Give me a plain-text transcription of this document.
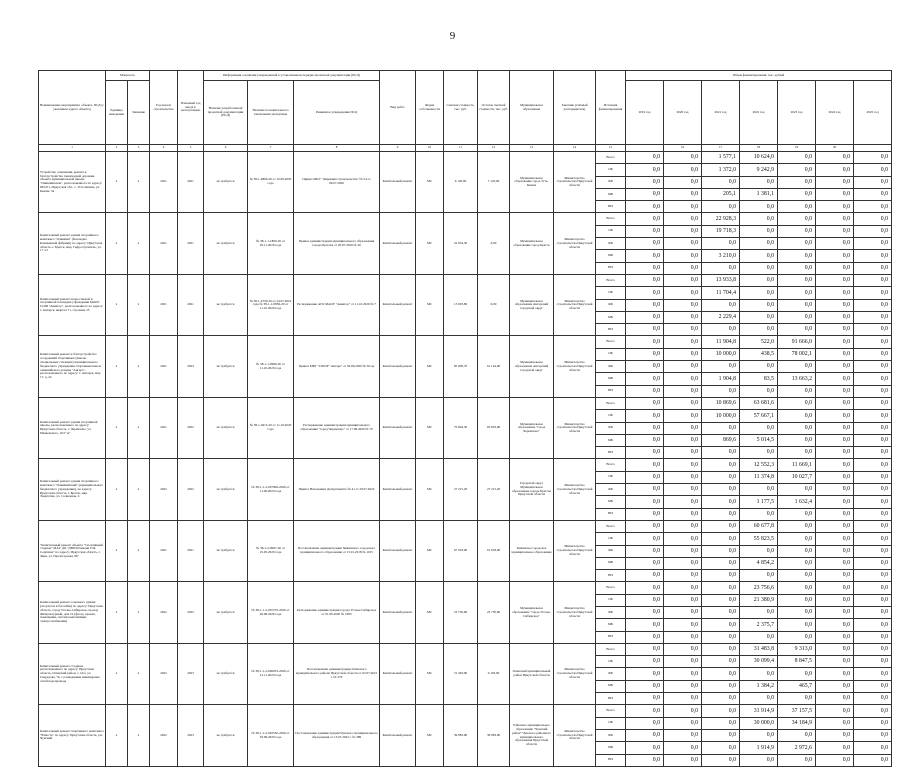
9
Наименование мероприятия, объекта, ПСД (с указанием адреса объекта)	Мощность		Год начала строительства	Плановый год ввода в эксплуатацию	Информация о наличии утвержденной в установленном порядке проектной документации (ПСД)			Вид работ	Форма собственности	Сметная стоимость, тыс. руб.	Остаток сметной стоимости, тыс. руб.	Муниципальное образование	Заказчик (главный распорядитель)	Источник финансирования	Объем финансирования, тыс. рублей						
	Единица измерения	Значение			Наличие разработанной проектной документации (ПСД)	Наличие положительного заключения экспертизы	Реквизиты утверждения ПСД								2019 год	2020 год	2021 год	2022 год	2023 год	2024 год	2025 год
1	2	3	4	5	6	7	8	9	10	11	12	13	14	15		16	17	18	19	20	
Устройство освещения, ремонт и благоустройство пешеходной дорожки, объекта муниципальной школы "Оникшинская", расположенного по адресу: 665471, Иркутская обл., с. Усть-Кежма, ул. Кежма, 5в	х	х	2021	2021	не требуется	№ 38-1-0866-20 от 10.09.2020 года	Приказ МКУ "Дирекция строительства" № 54 от 09.07.2020	Капитальный ремонт	МС	9 120,00	7 143,00	Муниципальное образование город Усть-Кежма	Министерство строительства Иркутской области	Всего	0,0	0,0	1 577,1	10 624,0	0,0	0,0	0,0
														ОБ	0,0	0,0	1 372,0	9 242,9	0,0	0,0	0,0
														ФБ	0,0	0,0	0,0	0,0	0,0	0,0	0,0
														МБ	0,0	0,0	205,1	1 381,1	0,0	0,0	0,0
														ВИ	0,0	0,0	0,0	0,0	0,0	0,0	0,0
Капитальный ремонт здания спортивного комплекса "Олимпия" (Колледжа Кожевенной фабрики) по адресу: Иркутская область, г. Братск, мкр. Гидростроитель, ул. 17 а/1	х	х	2021	2021	не требуется	№ 38-1-1-1860-20 от 20.11.2020 года	Приказ администрации муниципального образования города Братска от 20.07.2020 № 26	Капитальный ремонт	МС	22 934,30	0,00	Муниципальное образование город Братск	Министерство строительства Иркутской области	Всего	0,0	0,0	22 928,3	0,0	0,0	0,0	0,0
														ОБ	0,0	0,0	19 718,3	0,0	0,0	0,0	0,0
														ФБ	0,0	0,0	0,0	0,0	0,0	0,0	0,0
														МБ	0,0	0,0	3 210,0	0,0	0,0	0,0	0,0
														ВИ	0,0	0,0	0,0	0,0	0,0	0,0	0,0
Капитальный ремонт подростковой и спортивной площадки учреждения МАОУ СОШ "Авиатор", расположенного по адресу: г. Ангарск, квартал 71, строение 25	х	х	2021	2021	не требуется	№ 38-1-0726-20 от 24.07.2019 года № 38-1-1-0836-20 от 11.10.2020 года	Распоряжение АГО МАОУ "Авиатор" от 11.10.2020 № 7	Капитальный ремонт	МС	13 903,80	0,00	Муниципальное образование Ангарский городской округ	Министерство строительства Иркутской области	Всего	0,0	0,0	13 933,8	0,0	0,0	0,0	0,0
														ОБ	0,0	0,0	11 704,4	0,0	0,0	0,0	0,0
														ФБ	0,0	0,0	0,0	0,0	0,0	0,0	0,0
														МБ	0,0	0,0	2 229,4	0,0	0,0	0,0	0,0
														ВИ	0,0	0,0	0,0	0,0	0,0	0,0	0,0
Капитальный ремонт и благоустройство сооружений спортивных (школы специальных стилевых) муниципального бюджетного учреждения спортивная школа олимпийского резерва "Ангара", расположенного по адресу: г. Ангарск, мкр 17, д. 24	х	х	2021	2023	не требуется	№ 38-1-1-0980-20 от 11.10.2020 года	Приказ МБУ "СШОР "Ангара" от 30.06.2020 № 50-ор	Капитальный ремонт	МС	85 006,70	61 144,00	Муниципальное образование Ангарский городской округ	Министерство строительства Иркутской области	Всего	0,0	0,0	11 904,8	522,0	91 666,0	0,0	0,0
														ОБ	0,0	0,0	10 000,0	438,5	78 002,1	0,0	0,0
														ФБ	0,0	0,0	0,0	0,0	0,0	0,0	0,0
														МБ	0,0	0,0	1 904,8	83,5	13 663,2	0,0	0,0
														ВИ	0,0	0,0	0,0	0,0	0,0	0,0	0,0
Капитальный ремонт здания спортивной школы, расположенного по адресу: Иркутская область, г. Черемхово, ул. Маяковского, 104 "А"	х	х	2021	2022	не требуется	№ 38-1-0415-20 от 11.10.2020 года	Распоряжение администрации муниципального образования "город Черемхово" от 17.06.2020 № 70	Капитальный ремонт	МС	70 994,30	63 903,00	Муниципальное образование "город Черемхово"	Министерство строительства Иркутской области	Всего	0,0	0,0	10 869,6	63 681,6	0,0	0,0	0,0
														ОБ	0,0	0,0	10 000,0	57 667,1	0,0	0,0	0,0
														ФБ	0,0	0,0	0,0	0,0	0,0	0,0	0,0
														МБ	0,0	0,0	869,6	5 014,5	0,0	0,0	0,0
														ВИ	0,0	0,0	0,0	0,0	0,0	0,0	0,0
Капитальный ремонт здания спортивного комплекса "Олимпийский" (муниципального бюджетного учреждения), по адресу: Иркутская область, г. Братск, мкр. Энергетик, ул. Солнечная, 4	х	х	2022	2022	не требуется	№ 38-1-1-2-007006-2020 от 11.06.2020 года	Приказ Начальника Департамента № 41 от 29.07.2022	Капитальный ремонт	МС	27 215,20	27 215,20	Городской округ Муниципальное образование города Братска Иркутской области	Министерство строительства Иркутской области	Всего	0,0	0,0	0,0	12 552,3	11 669,1	0,0	0,0
														ОБ	0,0	0,0	0,0	11 374,8	10 027,7	0,0	0,0
														ФБ	0,0	0,0	0,0	0,0	0,0	0,0	0,0
														МБ	0,0	0,0	0,0	1 177,5	1 632,4	0,0	0,0
														ВИ	0,0	0,0	0,0	0,0	0,0	0,0	0,0
"Капитальный ремонт объекта "Спортивный стадион" МАУ ДО "ДЮСШ имени Г.М. Серёгина" по адресу: Иркутская область, г. Зима, ул. Пролетарская, 96"	х	х	2021	2021	не требуется	№ 38-1-2-0997-20 от 25.05.2020 года	Постановление администрации Зиминского городского муниципального образования от 15.01.2018 № 1105	Капитальный ремонт	МС	67 918,00	61 918,00	Зиминское городское муниципальное образование	Министерство строительства Иркутской области	Всего	0,0	0,0	0,0	60 677,8	0,0	0,0	0,0
														ОБ	0,0	0,0	0,0	55 823,5	0,0	0,0	0,0
														ФБ	0,0	0,0	0,0	0,0	0,0	0,0	0,0
														МБ	0,0	0,0	0,0	4 854,2	0,0	0,0	0,0
														ВИ	0,0	0,0	0,0	0,0	0,0	0,0	0,0
Капитальный ремонт основного здания (спортзала и бассейна) по адресу: Иркутская область, город Усолье-Сибирское, проезд Физкультурный, дом 10 (фасад, кровля, помещения, система вентиляции, электроснабжения)	х	х	2022	2022	не требуется	№ 38-1-1-2-007270-2020 от 29.06.2020 года	Распоряжение администрации города Усолье-Сибирское от 01.06.2020 № 1083	Капитальный ремонт	МС	23 750,60	23 750,60	Муниципальное образование "город Усолье-Сибирское"	Министерство строительства Иркутской области	Всего	0,0	0,0	0,0	23 756,6	0,0	0,0	0,0
														ОБ	0,0	0,0	0,0	21 380,9	0,0	0,0	0,0
														ФБ	0,0	0,0	0,0	0,0	0,0	0,0	0,0
														МБ	0,0	0,0	0,0	2 375,7	0,0	0,0	0,0
														ВИ	0,0	0,0	0,0	0,0	0,0	0,0	0,0
Капитальный ремонт стадиона расположенного по адресу: Иркутская область, Осинский район, с. Оса, ул. Свердлова, 7в, с разведением инженерных сетей водопровода	х	х	2022	2023	не требуется	№ 38-1-1-2-006033-2020 от 21.11.2020 года	Постановление администрации Осинского муниципального района Иркутской области от 02.07.2021 г. № 376	Капитальный ремонт	МС	51 463,00	9 163,00	Осинский муниципальный район Иркутской области	Министерство строительства Иркутской области	Всего	0,0	0,0	0,0	31 483,8	9 313,0	0,0	0,0
														ОБ	0,0	0,0	0,0	30 099,4	8 847,5	0,0	0,0
														ФБ	0,0	0,0	0,0	0,0	0,0	0,0	0,0
														МБ	0,0	0,0	0,0	1 384,2	465,7	0,0	0,0
														ВИ	0,0	0,0	0,0	0,0	0,0	0,0	0,0
Капитальный ремонт спортивного комплекса "Юность" по адресу: Иркутская область, р.п. Чунский	х	х	2022	2023	не требуется	№ 38-1-1-2-002530-2020 от 03.09.2020 года	Постановление администрации Чунского муниципального образования от 13.07.2022 г. № 389	Капитальный ремонт	МС	39 983,90	39 983,90	Районное муниципальное образование "Чунский район" Чунского районного муниципального образования Иркутской области	Министерство строительства Иркутской области	Всего	0,0	0,0	0,0	31 914,9	37 157,5	0,0	0,0
														ОБ	0,0	0,0	0,0	30 000,0	34 184,9	0,0	0,0
														ФБ	0,0	0,0	0,0	0,0	0,0	0,0	0,0
														МБ	0,0	0,0	0,0	1 914,9	2 972,6	0,0	0,0
														ВИ	0,0	0,0	0,0	0,0	0,0	0,0	0,0
